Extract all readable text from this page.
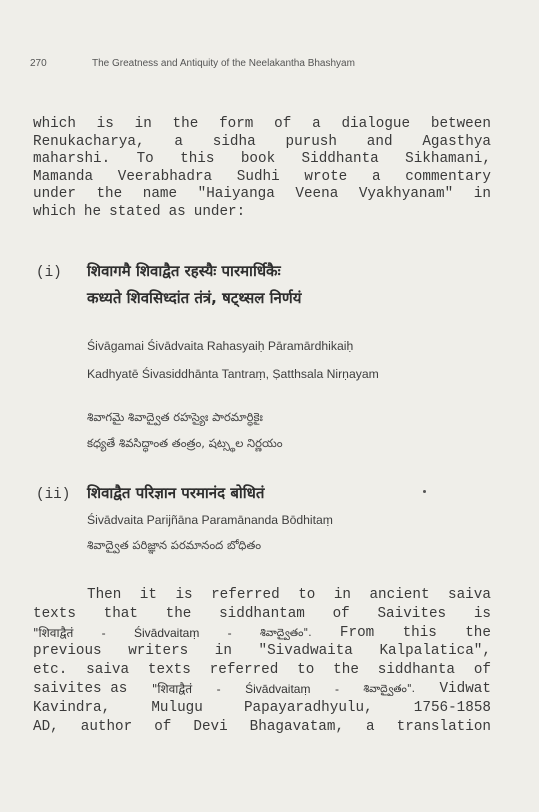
270	The Greatness and Antiquity of the Neelakantha Bhashyam
which is in the form of a dialogue between
Renukacharya, a sidha purush and Agasthya
maharshi. To this book Siddhanta Sikhamani,
Mamanda Veerabhadra Sudhi wrote a commentary
under the name "Haiyanga Veena Vyakhyanam" in
which he stated as under:
(i) शिवागमै शिवाद्वैत रहस्यैः पारमार्धिकैः
कध्यते शिवसिध्दांत तंत्रं, षट्थ्सल निर्णयं
Śivāgamai Śivādvaita Rahasyaiḥ Pāramārdhikaiḥ
Kadhyatē Śivasiddhānta Tantraṃ, Ṣatthsala Nirṇayam
శివాగమై శివాద్వైత రహస్యైః పారమార్ధికైః
కధ్యతే శివసిద్ధాంత తంత్రం, షట్స్థల నిర్ణయం
(ii) शिवाद्वैत परिज्ञान परमानंद बोधितं
Śivādvaita Parijñāna Paramānanda Bōdhitaṃ
శివాద్వైత పరిజ్ఞాన పరమానంద బోధితం
Then it is referred to in ancient saiva
texts that the siddhantam of Saivites is
"शिवाद्वैतं - Śivādvaitaṃ -	శివాద్వైతం". From this the
previous writers in "Sivadwaita Kalpalatica",
etc. saiva texts referred to the siddhanta of
saivites as "शिवाद्वैतं - Śivādvaitaṃ - శివాద్వైతం". Vidwat
Kavindra,	Mulugu	Papayaradhyulu,	1756-1858
AD, author of Devi Bhagavatam, a translation
